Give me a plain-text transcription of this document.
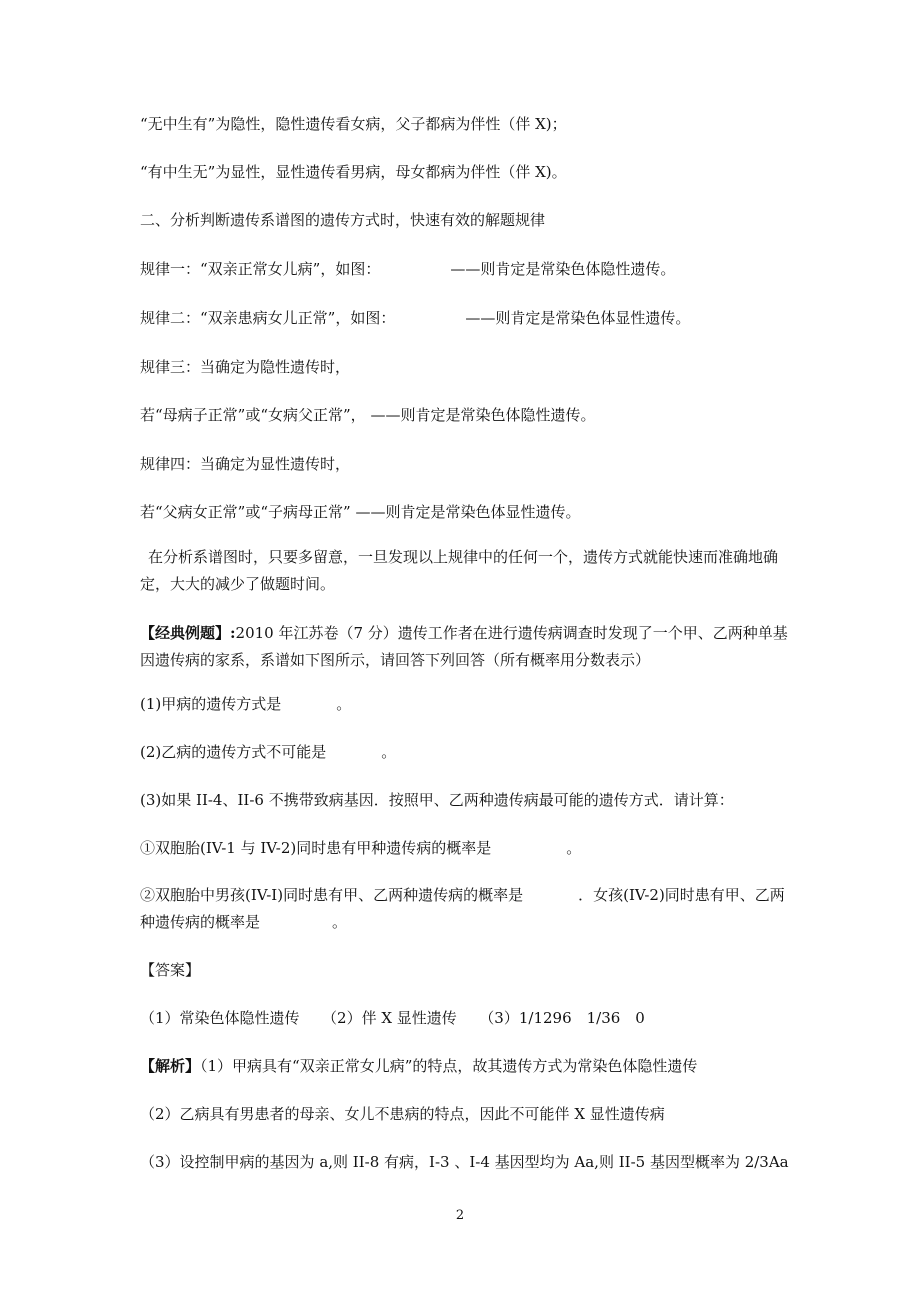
“无中生有”为隐性，隐性遗传看女病，父子都病为伴性（伴 X)；
“有中生无”为显性，显性遗传看男病，母女都病为伴性（伴 X)。
二、分析判断遗传系谱图的遗传方式时，快速有效的解题规律
规律一：“双亲正常女儿病”，如图：	——则肯定是常染色体隐性遗传。
规律二：“双亲患病女儿正常”，如图：	——则肯定是常染色体显性遗传。
规律三：当确定为隐性遗传时，
若“母病子正常”或“女病父正常”， ——则肯定是常染色体隐性遗传。
规律四：当确定为显性遗传时，
若“父病女正常”或“子病母正常” ——则肯定是常染色体显性遗传。
在分析系谱图时，只要多留意，一旦发现以上规律中的任何一个，遗传方式就能快速而准确地确定，大大的减少了做题时间。
【经典例题】:2010 年江苏卷（7 分）遗传工作者在进行遗传病调查时发现了一个甲、乙两种单基因遗传病的家系，系谱如下图所示，请回答下列回答（所有概率用分数表示）
(1)甲病的遗传方式是	。
(2)乙病的遗传方式不可能是	。
(3)如果 II-4、II-6 不携带致病基因．按照甲、乙两种遗传病最可能的遗传方式．请计算：
①双胞胎(IV-1 与 IV-2)同时患有甲种遗传病的概率是	。
②双胞胎中男孩(IV-I)同时患有甲、乙两种遗传病的概率是	．女孩(IV-2)同时患有甲、乙两种遗传病的概率是	。
【答案】
（1）常染色体隐性遗传　　（2）伴 X 显性遗传　　（3）1/1296　1/36　0
【解析】（1）甲病具有“双亲正常女儿病”的特点，故其遗传方式为常染色体隐性遗传
（2）乙病具有男患者的母亲、女儿不患病的特点，因此不可能伴 X 显性遗传病
（3）设控制甲病的基因为 a,则 II-8 有病，I-3 、I-4 基因型均为 Aa,则 II-5 基因型概率为 2/3Aa
2
